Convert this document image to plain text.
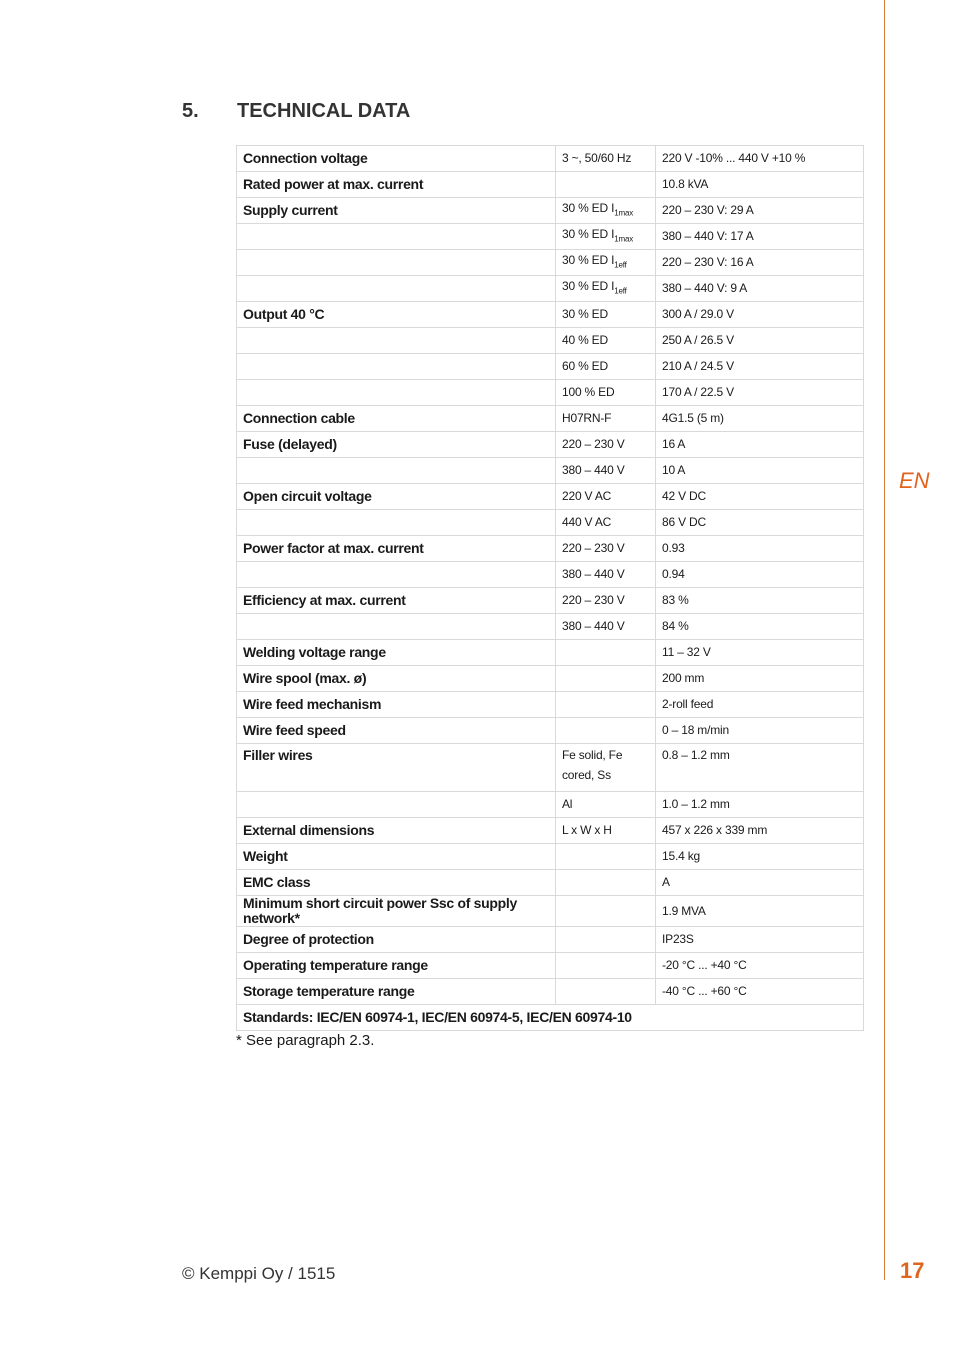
EN
5. TECHNICAL DATA
Connection voltage	3 ~, 50/60 Hz	220 V -10% ... 440 V +10 %
Rated power at max. current		10.8 kVA
Supply current	30 % ED $I_{1max}$	220 – 230 V: 29 A
	30 % ED $I_{1max}$	380 – 440 V: 17 A
	30 % ED $I_{1eff}$	220 – 230 V: 16 A
	30 % ED $I_{1eff}$	380 – 440 V: 9 A
Output 40 °C	30 % ED	300 A / 29.0 V
	40 % ED	250 A / 26.5 V
	60 % ED	210 A / 24.5 V
	100 % ED	170 A / 22.5 V
Connection cable	H07RN-F	4G1.5 (5 m)
Fuse (delayed)	220 – 230 V	16 A
	380 – 440 V	10 A
Open circuit voltage	220 V AC	42 V DC
	440 V AC	86 V DC
Power factor at max. current	220 – 230 V	0.93
	380 – 440 V	0.94
Efficiency at max. current	220 – 230 V	83 %
	380 – 440 V	84 %
Welding voltage range		11 – 32 V
Wire spool (max. ø)		200 mm
Wire feed mechanism		2-roll feed
Wire feed speed		0 – 18 m/min
Filler wires	Fe solid, Fe cored, Ss	0.8 – 1.2 mm
	Al	1.0 – 1.2 mm
External dimensions	L x W x H	457 x 226 x 339 mm
Weight		15.4 kg
EMC class		A
Minimum short circuit power Ssc of supply network*		1.9 MVA
Degree of protection		IP23S
Operating temperature range		-20 °C ... +40 °C
Storage temperature range		-40 °C ... +60 °C
Standards: IEC/EN 60974-1, IEC/EN 60974-5, IEC/EN 60974-10		
* See paragraph 2.3.
© Kemppi Oy / 1515	17
